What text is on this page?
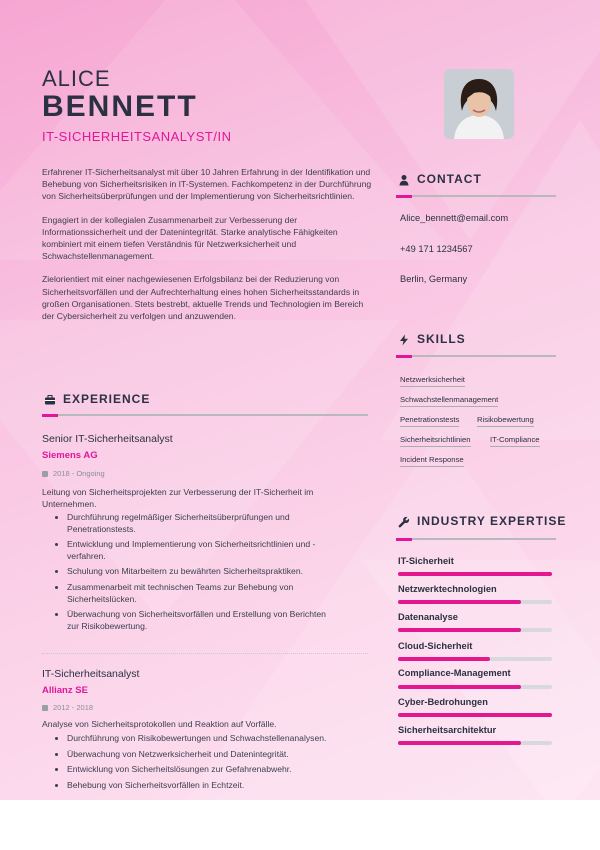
ALICE
BENNETT
IT-SICHERHEITSANALYST/IN

Erfahrener IT-Sicherheitsanalyst mit über 10 Jahren Erfahrung in der Identifikation und Behebung von Sicherheitsrisiken in IT-Systemen. Fachkompetenz in der Durchführung von Sicherheitsüberprüfungen und der Implementierung von Sicherheitsrichtlinien.

Engagiert in der kollegialen Zusammenarbeit zur Verbesserung der Informationssicherheit und der Datenintegrität. Starke analytische Fähigkeiten kombiniert mit einem tiefen Verständnis für Netzwerksicherheit und Schwachstellenmanagement.

Zielorientiert mit einer nachgewiesenen Erfolgsbilanz bei der Reduzierung von Sicherheitsvorfällen und der Aufrechterhaltung eines hohen Sicherheitsstandards in großen Organisationen. Stets bestrebt, aktuelle Trends und Technologien im Bereich der Cybersicherheit zu verfolgen und anzuwenden.

EXPERIENCE
Senior IT-Sicherheitsanalyst
Siemens AG
2018 - Ongoing
Leitung von Sicherheitsprojekten zur Verbesserung der IT-Sicherheit im Unternehmen.
Durchführung regelmäßiger Sicherheitsüberprüfungen und Penetrationstests.
Entwicklung und Implementierung von Sicherheitsrichtlinien und -verfahren.
Schulung von Mitarbeitern zu bewährten Sicherheitspraktiken.
Zusammenarbeit mit technischen Teams zur Behebung von Sicherheitslücken.
Überwachung von Sicherheitsvorfällen und Erstellung von Berichten zur Risikobewertung.
IT-Sicherheitsanalyst
Allianz SE
2012 - 2018
Analyse von Sicherheitsprotokollen und Reaktion auf Vorfälle.
Durchführung von Risikobewertungen und Schwachstellenanalysen.
Überwachung von Netzwerksicherheit und Datenintegrität.
Entwicklung von Sicherheitslösungen zur Gefahrenabwehr.
Behebung von Sicherheitsvorfällen in Echtzeit.
CONTACT
Alice_bennett@email.com
+49 171 1234567
Berlin, Germany
SKILLS
Netzwerksicherheit
Schwachstellenmanagement
Penetrationstests Risikobewertung
Sicherheitsrichtlinien	IT-Compliance
Incident Response
INDUSTRY EXPERTISE
IT-Sicherheit
Netzwerktechnologien
Datenanalyse
Cloud-Sicherheit
Compliance-Management
Cyber-Bedrohungen
Sicherheitsarchitektur
